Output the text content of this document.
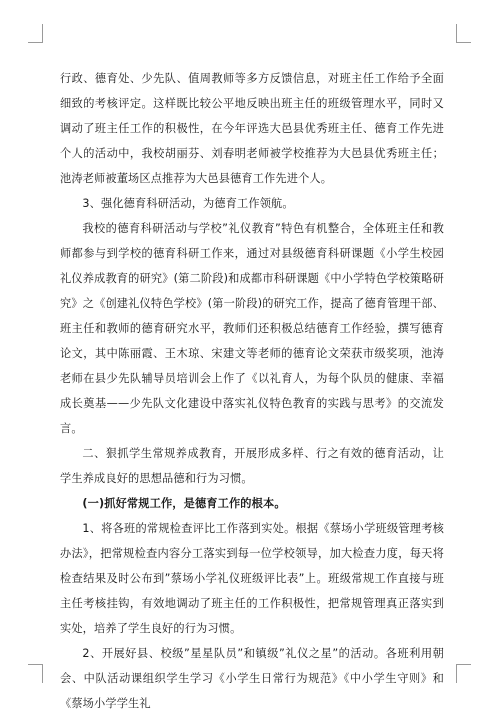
行政、德育处、少先队、值周教师等多方反馈信息，对班主任工作给予全面细致的考核评定。这样既比较公平地反映出班主任的班级管理水平，同时又调动了班主任工作的积极性，在今年评选大邑县优秀班主任、德育工作先进个人的活动中，我校胡丽芬、刘春明老师被学校推荐为大邑县优秀班主任；池涛老师被董场区点推荐为大邑县德育工作先进个人。

3、强化德育科研活动，为德育工作领航。

我校的德育科研活动与学校”礼仪教育”特色有机整合，全体班主任和教师都参与到学校的德育科研工作来，通过对县级德育科研课题《小学生校园礼仪养成教育的研究》(第二阶段)和成都市科研课题《中小学特色学校策略研究》之《创建礼仪特色学校》(第一阶段)的研究工作，提高了德育管理干部、班主任和教师的德育研究水平，教师们还积极总结德育工作经验，撰写德育论文，其中陈丽霞、王木琼、宋建文等老师的德育论文荣获市级奖项，池涛老师在县少先队辅导员培训会上作了《以礼育人，为每个队员的健康、幸福成长奠基——少先队文化建设中落实礼仪特色教育的实践与思考》的交流发言。

二、狠抓学生常规养成教育，开展形成多样、行之有效的德育活动，让学生养成良好的思想品德和行为习惯。

(一)抓好常规工作，是德育工作的根本。

1、将各班的常规检查评比工作落到实处。根据《蔡场小学班级管理考核办法》，把常规检查内容分工落实到每一位学校领导，加大检查力度，每天将检查结果及时公布到”蔡场小学礼仪班级评比表”上。班级常规工作直接与班主任考核挂钩，有效地调动了班主任的工作积极性，把常规管理真正落实到实处，培养了学生良好的行为习惯。

2、开展好县、校级”星星队员”和镇级”礼仪之星”的活动。各班利用朝会、中队活动课组织学生学习《小学生日常行为规范》《中小学生守则》和《蔡场小学学生礼
